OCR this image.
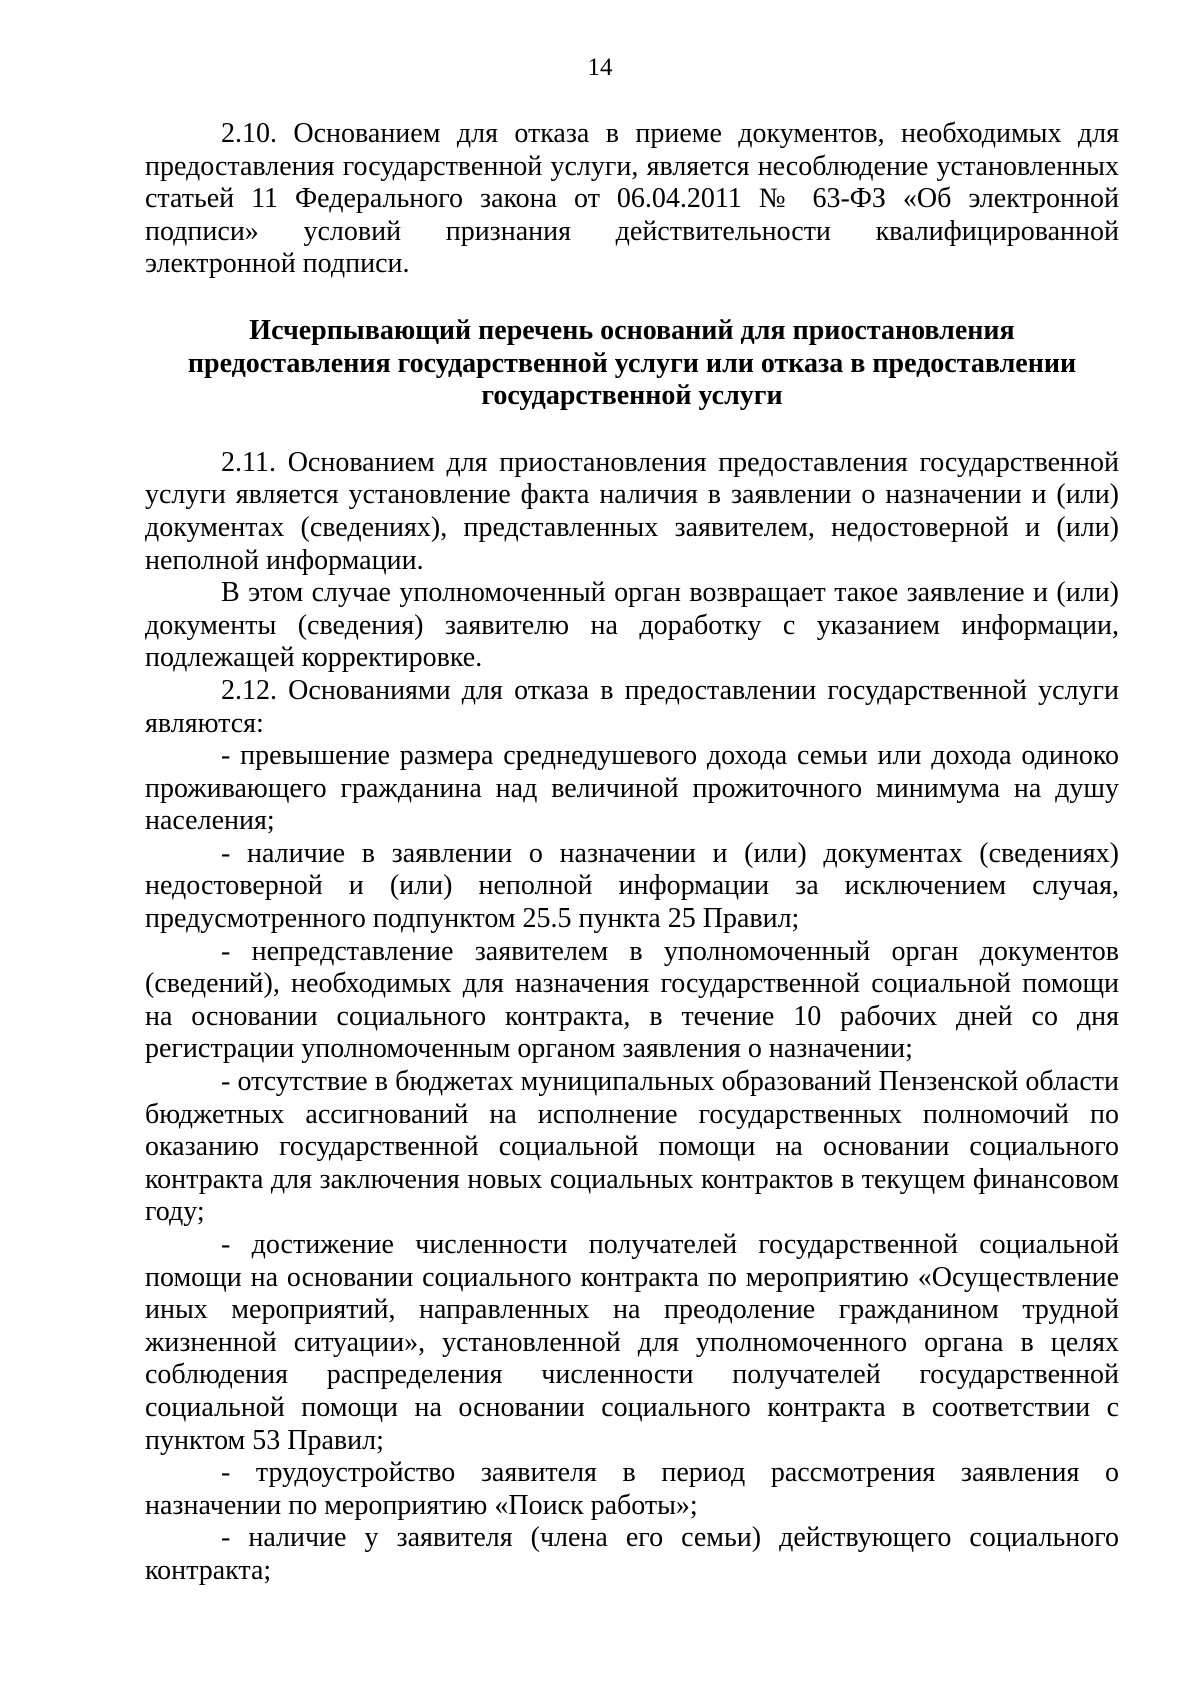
14

2.10. Основанием для отказа в приеме документов, необходимых для предоставления государственной услуги, является несоблюдение установленных статьей 11 Федерального закона от 06.04.2011 № 63-ФЗ «Об электронной подписи» условий признания действительности квалифицированной электронной подписи.

Исчерпывающий перечень оснований для приостановления
предоставления государственной услуги или отказа в предоставлении
государственной услуги

2.11. Основанием для приостановления предоставления государственной услуги является установление факта наличия в заявлении о назначении и (или) документах (сведениях), представленных заявителем, недостоверной и (или) неполной информации.

В этом случае уполномоченный орган возвращает такое заявление и (или) документы (сведения) заявителю на доработку с указанием информации, подлежащей корректировке.

2.12. Основаниями для отказа в предоставлении государственной услуги являются:

- превышение размера среднедушевого дохода семьи или дохода одиноко проживающего гражданина над величиной прожиточного минимума на душу населения;

- наличие в заявлении о назначении и (или) документах (сведениях) недостоверной и (или) неполной информации за исключением случая, предусмотренного подпунктом 25.5 пункта 25 Правил;

- непредставление заявителем в уполномоченный орган документов (сведений), необходимых для назначения государственной социальной помощи на основании социального контракта, в течение 10 рабочих дней со дня регистрации уполномоченным органом заявления о назначении;

- отсутствие в бюджетах муниципальных образований Пензенской области бюджетных ассигнований на исполнение государственных полномочий по оказанию государственной социальной помощи на основании социального контракта для заключения новых социальных контрактов в текущем финансовом году;

- достижение численности получателей государственной социальной помощи на основании социального контракта по мероприятию «Осуществление иных мероприятий, направленных на преодоление гражданином трудной жизненной ситуации», установленной для уполномоченного органа в целях соблюдения распределения численности получателей государственной социальной помощи на основании социального контракта в соответствии с пунктом 53 Правил;

- трудоустройство заявителя в период рассмотрения заявления о назначении по мероприятию «Поиск работы»;

- наличие у заявителя (члена его семьи) действующего социального контракта;
